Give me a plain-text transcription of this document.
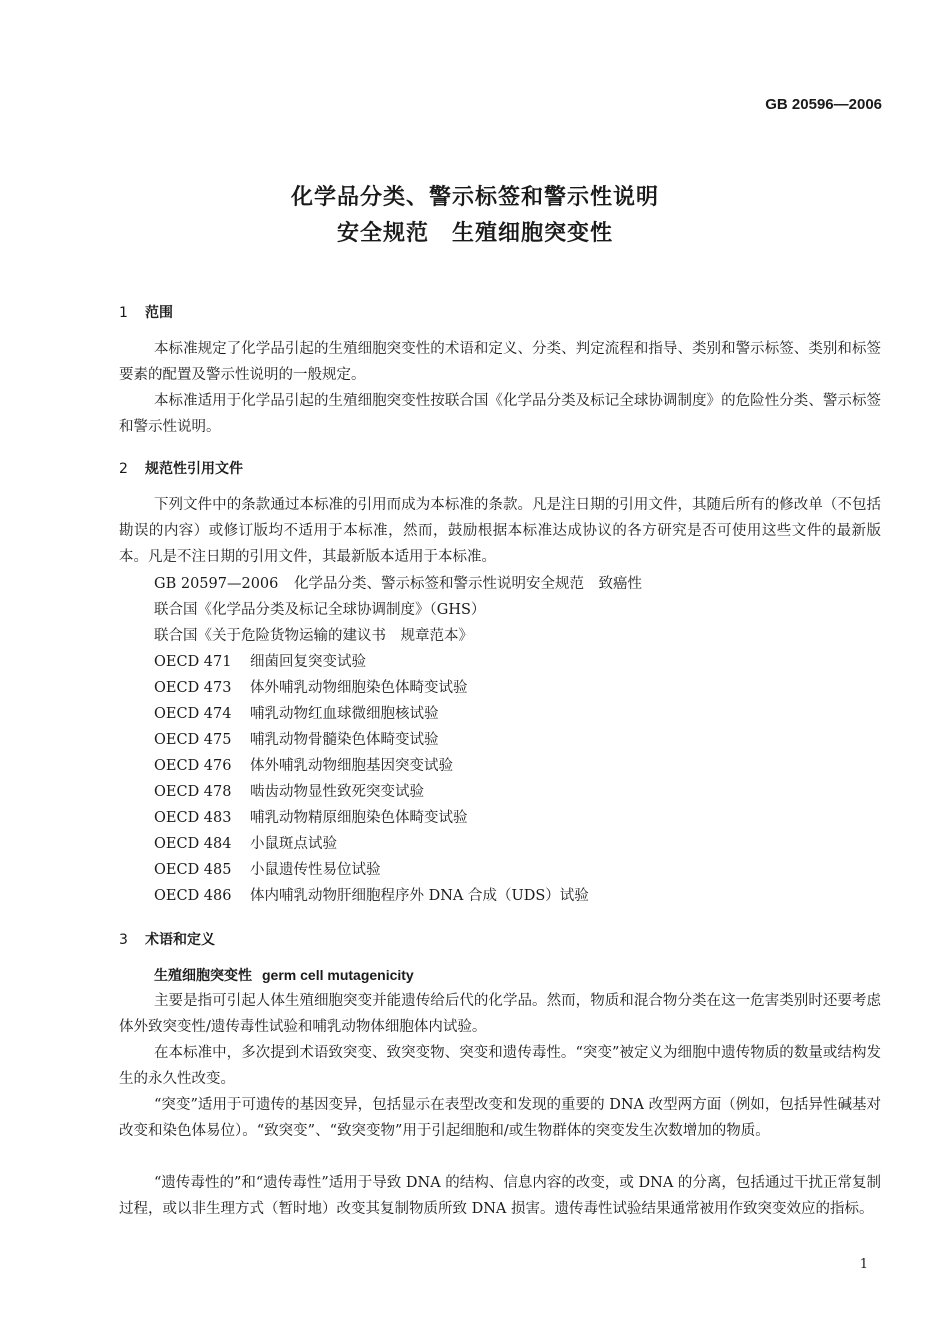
GB 20596—2006
化学品分类、警示标签和警示性说明
安全规范　生殖细胞突变性
1 范围

本标准规定了化学品引起的生殖细胞突变性的术语和定义、分类、判定流程和指导、类别和警示标签、类别和标签要素的配置及警示性说明的一般规定。

本标准适用于化学品引起的生殖细胞突变性按联合国《化学品分类及标记全球协调制度》的危险性分类、警示标签和警示性说明。

2 规范性引用文件

下列文件中的条款通过本标准的引用而成为本标准的条款。凡是注日期的引用文件，其随后所有的修改单（不包括勘误的内容）或修订版均不适用于本标准，然而，鼓励根据本标准达成协议的各方研究是否可使用这些文件的最新版本。凡是不注日期的引用文件，其最新版本适用于本标准。

GB 20597—2006 化学品分类、警示标签和警示性说明安全规范　致癌性
联合国《化学品分类及标记全球协调制度》（GHS）
联合国《关于危险货物运输的建议书　规章范本》
OECD 471 细菌回复突变试验
OECD 473 体外哺乳动物细胞染色体畸变试验
OECD 474 哺乳动物红血球微细胞核试验
OECD 475 哺乳动物骨髓染色体畸变试验
OECD 476 体外哺乳动物细胞基因突变试验
OECD 478 啮齿动物显性致死突变试验
OECD 483 哺乳动物精原细胞染色体畸变试验
OECD 484 小鼠斑点试验
OECD 485 小鼠遗传性易位试验
OECD 486 体内哺乳动物肝细胞程序外 DNA 合成（UDS）试验
3 术语和定义
生殖细胞突变性 germ cell mutagenicity

主要是指可引起人体生殖细胞突变并能遗传给后代的化学品。然而，物质和混合物分类在这一危害类别时还要考虑体外致突变性/遗传毒性试验和哺乳动物体细胞体内试验。

在本标准中，多次提到术语致突变、致突变物、突变和遗传毒性。“突变”被定义为细胞中遗传物质的数量或结构发生的永久性改变。

“突变”适用于可遗传的基因变异，包括显示在表型改变和发现的重要的 DNA 改型两方面（例如，包括异性碱基对改变和染色体易位）。“致突变”、“致突变物”用于引起细胞和/或生物群体的突变发生次数增加的物质。

“遗传毒性的”和“遗传毒性”适用于导致 DNA 的结构、信息内容的改变，或 DNA 的分离，包括通过干扰正常复制过程，或以非生理方式（暂时地）改变其复制物质所致 DNA 损害。遗传毒性试验结果通常被用作致突变效应的指标。

1
